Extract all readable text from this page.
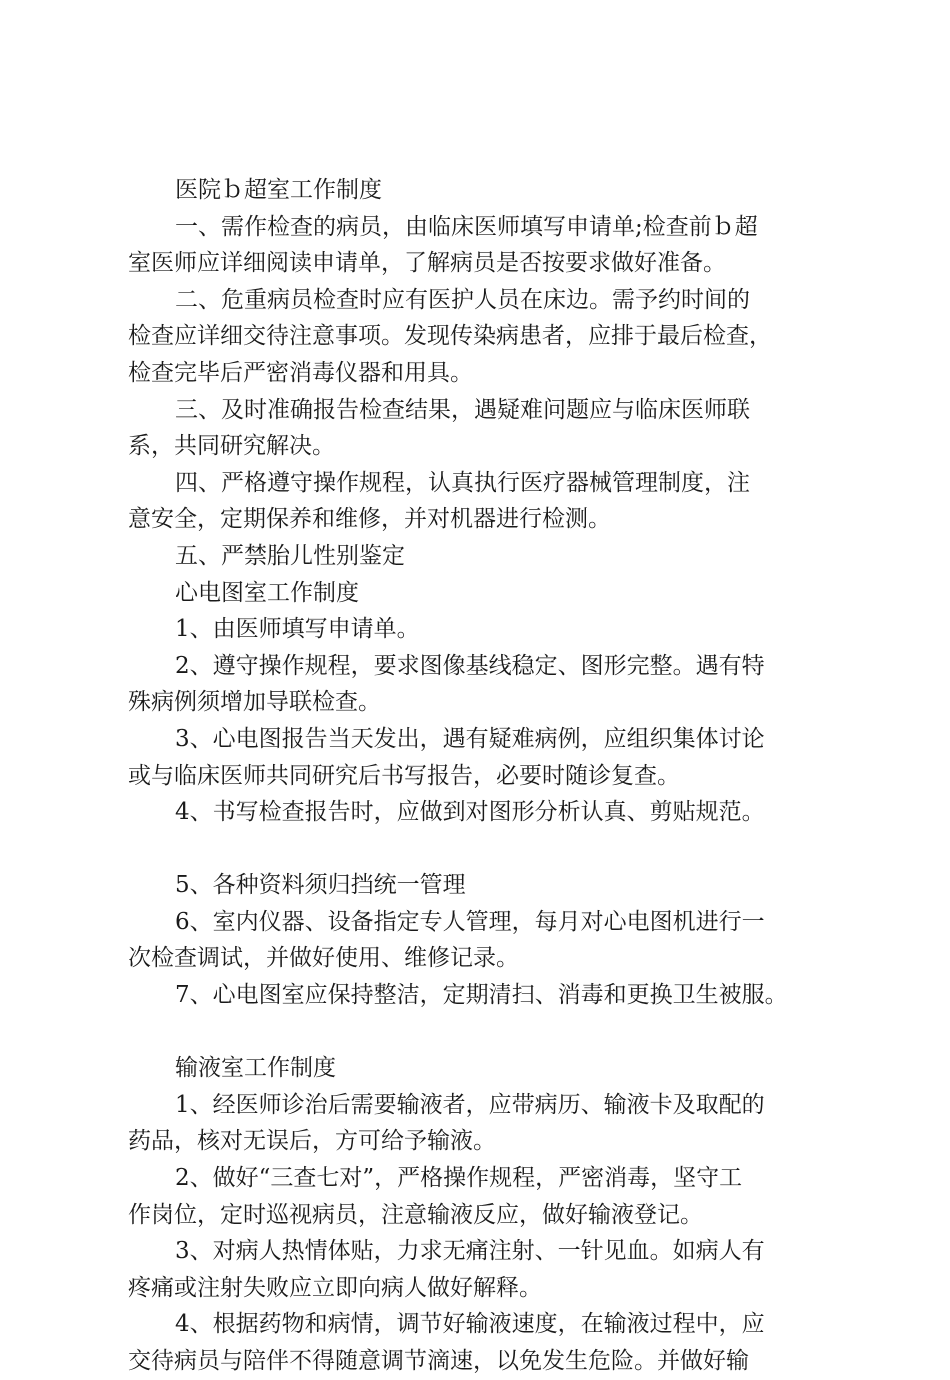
医院ｂ超室工作制度
一、需作检查的病员，由临床医师填写申请单;检查前ｂ超
室医师应详细阅读申请单，了解病员是否按要求做好准备。
二、危重病员检查时应有医护人员在床边。需予约时间的
检查应详细交待注意事项。发现传染病患者，应排于最后检查，
检查完毕后严密消毒仪器和用具。
三、及时准确报告检查结果，遇疑难问题应与临床医师联
系，共同研究解决。
四、严格遵守操作规程，认真执行医疗器械管理制度，注
意安全，定期保养和维修，并对机器进行检测。
五、严禁胎儿性别鉴定
心电图室工作制度
1、由医师填写申请单。
2、遵守操作规程，要求图像基线稳定、图形完整。遇有特
殊病例须增加导联检查。
3、心电图报告当天发出，遇有疑难病例，应组织集体讨论
或与临床医师共同研究后书写报告，必要时随诊复查。
4、书写检查报告时，应做到对图形分析认真、剪贴规范。
5、各种资料须归挡统一管理
6、室内仪器、设备指定专人管理，每月对心电图机进行一
次检查调试，并做好使用、维修记录。
7、心电图室应保持整洁，定期清扫、消毒和更换卫生被服。
输液室工作制度
1、经医师诊治后需要输液者，应带病历、输液卡及取配的
药品，核对无误后，方可给予输液。
2、做好“三查七对”，严格操作规程，严密消毒，坚守工
作岗位，定时巡视病员，注意输液反应，做好输液登记。
3、对病人热情体贴，力求无痛注射、一针见血。如病人有
疼痛或注射失败应立即向病人做好解释。
4、根据药物和病情，调节好输液速度，在输液过程中，应
交待病员与陪伴不得随意调节滴速，以免发生危险。并做好输
